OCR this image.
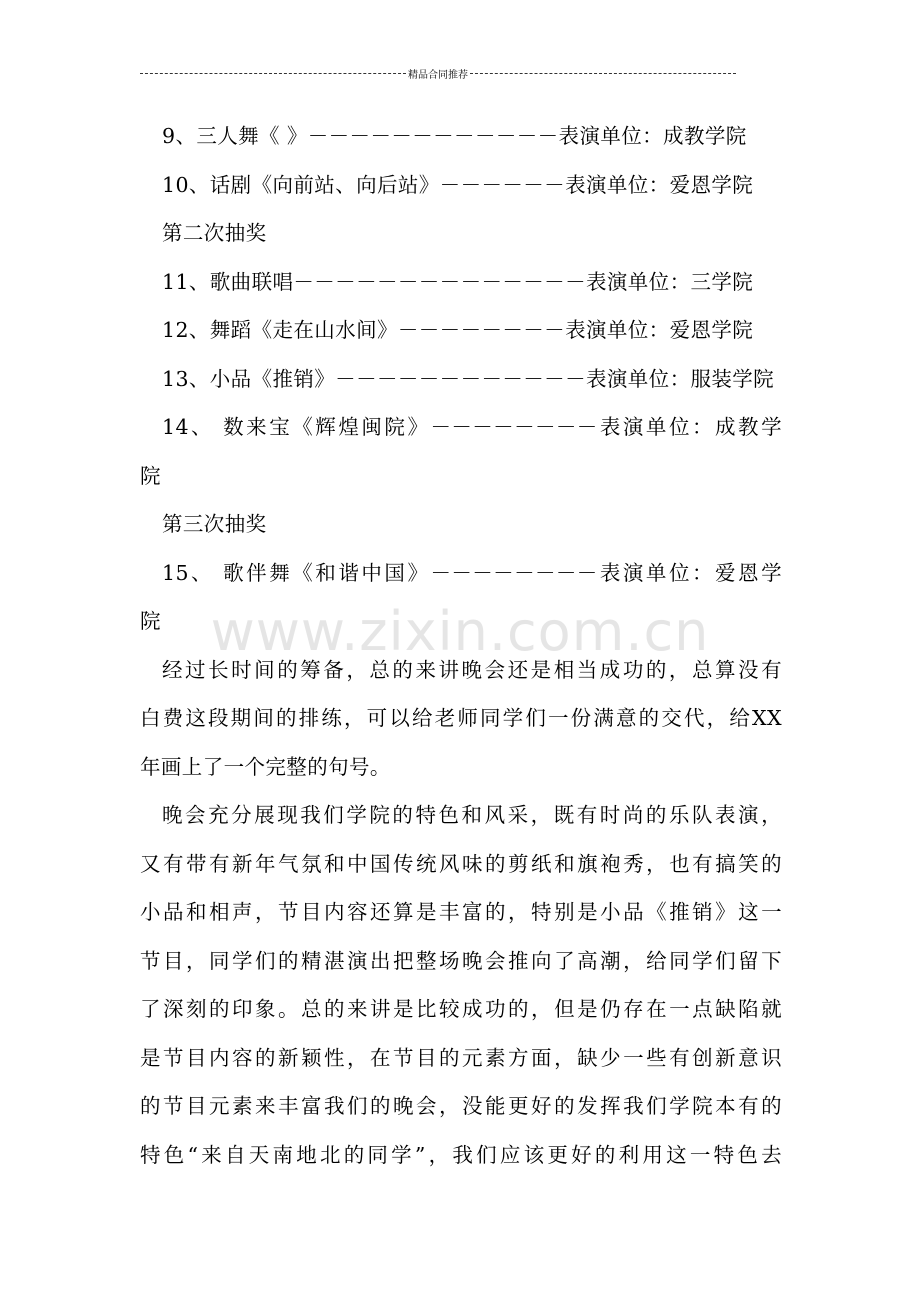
精品合同推荐
9、三人舞《 》－－－－－－－－－－－－表演单位：成教学院
10、话剧《向前站、向后站》－－－－－－表演单位：爱恩学院
第二次抽奖
11、歌曲联唱－－－－－－－－－－－－－－表演单位：三学院
12、舞蹈《走在山水间》－－－－－－－－表演单位：爱恩学院
13、小品《推销》－－－－－－－－－－－－表演单位：服装学院
14、 数来宝《辉煌闽院》－－－－－－－－表演单位：成教学
院
第三次抽奖
15、 歌伴舞《和谐中国》－－－－－－－－表演单位：爱恩学
院
经过长时间的筹备，总的来讲晚会还是相当成功的，总算没有
白费这段期间的排练，可以给老师同学们一份满意的交代，给XX
年画上了一个完整的句号。
晚会充分展现我们学院的特色和风采，既有时尚的乐队表演，
又有带有新年气氛和中国传统风味的剪纸和旗袍秀，也有搞笑的
小品和相声，节目内容还算是丰富的，特别是小品《推销》这一
节目，同学们的精湛演出把整场晚会推向了高潮，给同学们留下
了深刻的印象。总的来讲是比较成功的，但是仍存在一点缺陷就
是节目内容的新颖性，在节目的元素方面，缺少一些有创新意识
的节目元素来丰富我们的晚会，没能更好的发挥我们学院本有的
特色“来自天南地北的同学”，我们应该更好的利用这一特色去
www.zixin.com.cn
